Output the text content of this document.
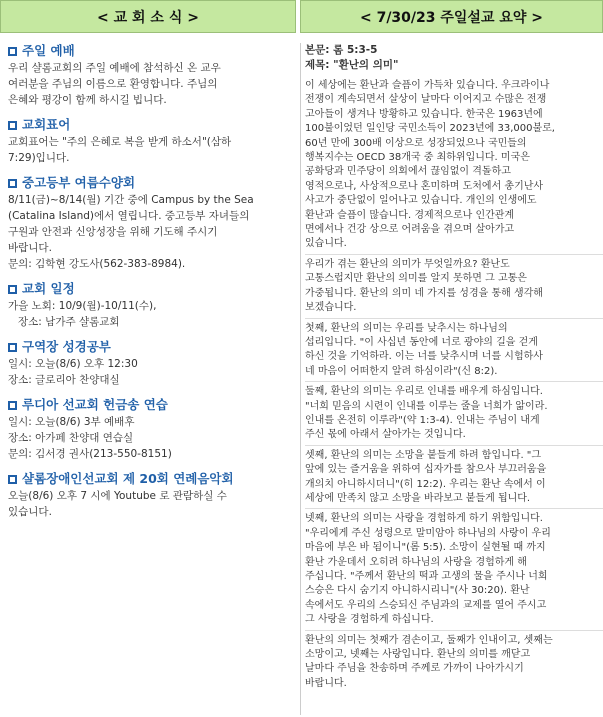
< 교 회 소 식 >	< 7/30/23 주일설교 요약 >
주일 예배

우리 샬롬교회의 주일 예배에 참석하신 온 교우

여러분을 주님의 이름으로 환영합니다. 주님의

은혜와 평강이 함께 하시길 빕니다.

교회표어

교회표어는 "주의 은혜로 복을 받게 하소서"(삼하

7:29)입니다.

중고등부 여름수양회

8/11(금)~8/14(월) 기간 중에 Campus by the Sea

(Catalina Island)에서 열립니다. 중고등부 자녀들의

구원과 안전과 신앙성장을 위해 기도해 주시기

바랍니다.

문의: 김학현 강도사(562-383-8984).

교회 일정

가을 노회: 10/9(월)-10/11(수),

장소: 남가주 샬롬교회

구역장 성경공부

일시: 오늘(8/6) 오후 12:30

장소: 글로리아 찬양대실

루디아 선교회 헌금송 연습

일시: 오늘(8/6) 3부 예배후

장소: 아가페 찬양대 연습실

문의: 김서경 권사(213-550-8151)

샬롬장애인선교회 제 20회 연례음악회

오늘(8/6) 오후 7 시에 Youtube 로 관람하실 수

있습니다.

본문: 롬 5:3-5

제목: "환난의 의미"

이 세상에는 환난과 슬픔이 가득차 있습니다. 우크라이나
전쟁이 계속되면서 살상이 날마다 이어지고 수많은 전쟁
고아들이 생겨나 방황하고 있습니다. 한국은 1963년에
100불이었던 일인당 국민소득이 2023년에 33,000불로,
60년 만에 300배 이상으로 성장되었으나 국민들의
행복지수는 OECD 38개국 중 최하위입니다. 미국은
공화당과 민주당이 의회에서 끊임없이 격돌하고
영적으로나, 사상적으로나 혼미하며 도처에서 총기난사
사고가 중단없이 일어나고 있습니다. 개인의 인생에도
환난과 슬픔이 많습니다. 경제적으로나 인간관계
면에서나 건강 상으로 어려움을 겪으며 살아가고
있습니다.
우리가 겪는 환난의 의미가 무엇일까요? 환난도
고통스럽지만 환난의 의미를 알지 못하면 그 고통은
가중됩니다. 환난의 의미 네 가지를 성경을 통해 생각해
보겠습니다.
첫째, 환난의 의미는 우리를 낮추시는 하나님의
섭리입니다. "이 사십년 동안에 너로 광야의 길을 걷게
하신 것을 기억하라. 이는 너를 낮추시며 너를 시험하사
네 마음이 어떠한지 알려 하심이라"(신 8:2).
둘째, 환난의 의미는 우리로 인내를 배우게 하심입니다.
"너희 믿음의 시련이 인내를 이루는 줄을 너희가 앎이라.
인내를 온전히 이루라"(약 1:3-4). 인내는 주님이 내게
주신 몫에 아래서 살아가는 것입니다.
셋째, 환난의 의미는 소망을 붙들게 하려 함입니다. "그
앞에 있는 즐거움을 위하여 십자가를 참으사 부끄러움을
개의치 아니하시더니"(히 12:2). 우리는 환난 속에서 이
세상에 만족치 않고 소망을 바라보고 붙들게 됩니다.
넷째, 환난의 의미는 사랑을 경험하게 하기 위함입니다.
"우리에게 주신 성령으로 말미암아 하나님의 사랑이 우리
마음에 부은 바 됨이니"(롬 5:5). 소망이 실현될 때 까지
환난 가운데서 오히려 하나님의 사랑을 경험하게 해
주십니다. "주께서 환난의 떡과 고생의 물을 주시나 너희
스승은 다시 숨기지 아니하시리니"(사 30:20). 환난
속에서도 우리의 스승되신 주님과의 교제를 열어 주시고
그 사랑을 경험하게 하십니다.
환난의 의미는 첫째가 겸손이고, 둘째가 인내이고, 셋째는
소망이고, 넷째는 사랑입니다. 환난의 의미를 깨닫고
날마다 주님을 찬송하며 주께로 가까이 나아가시기
바랍니다.
